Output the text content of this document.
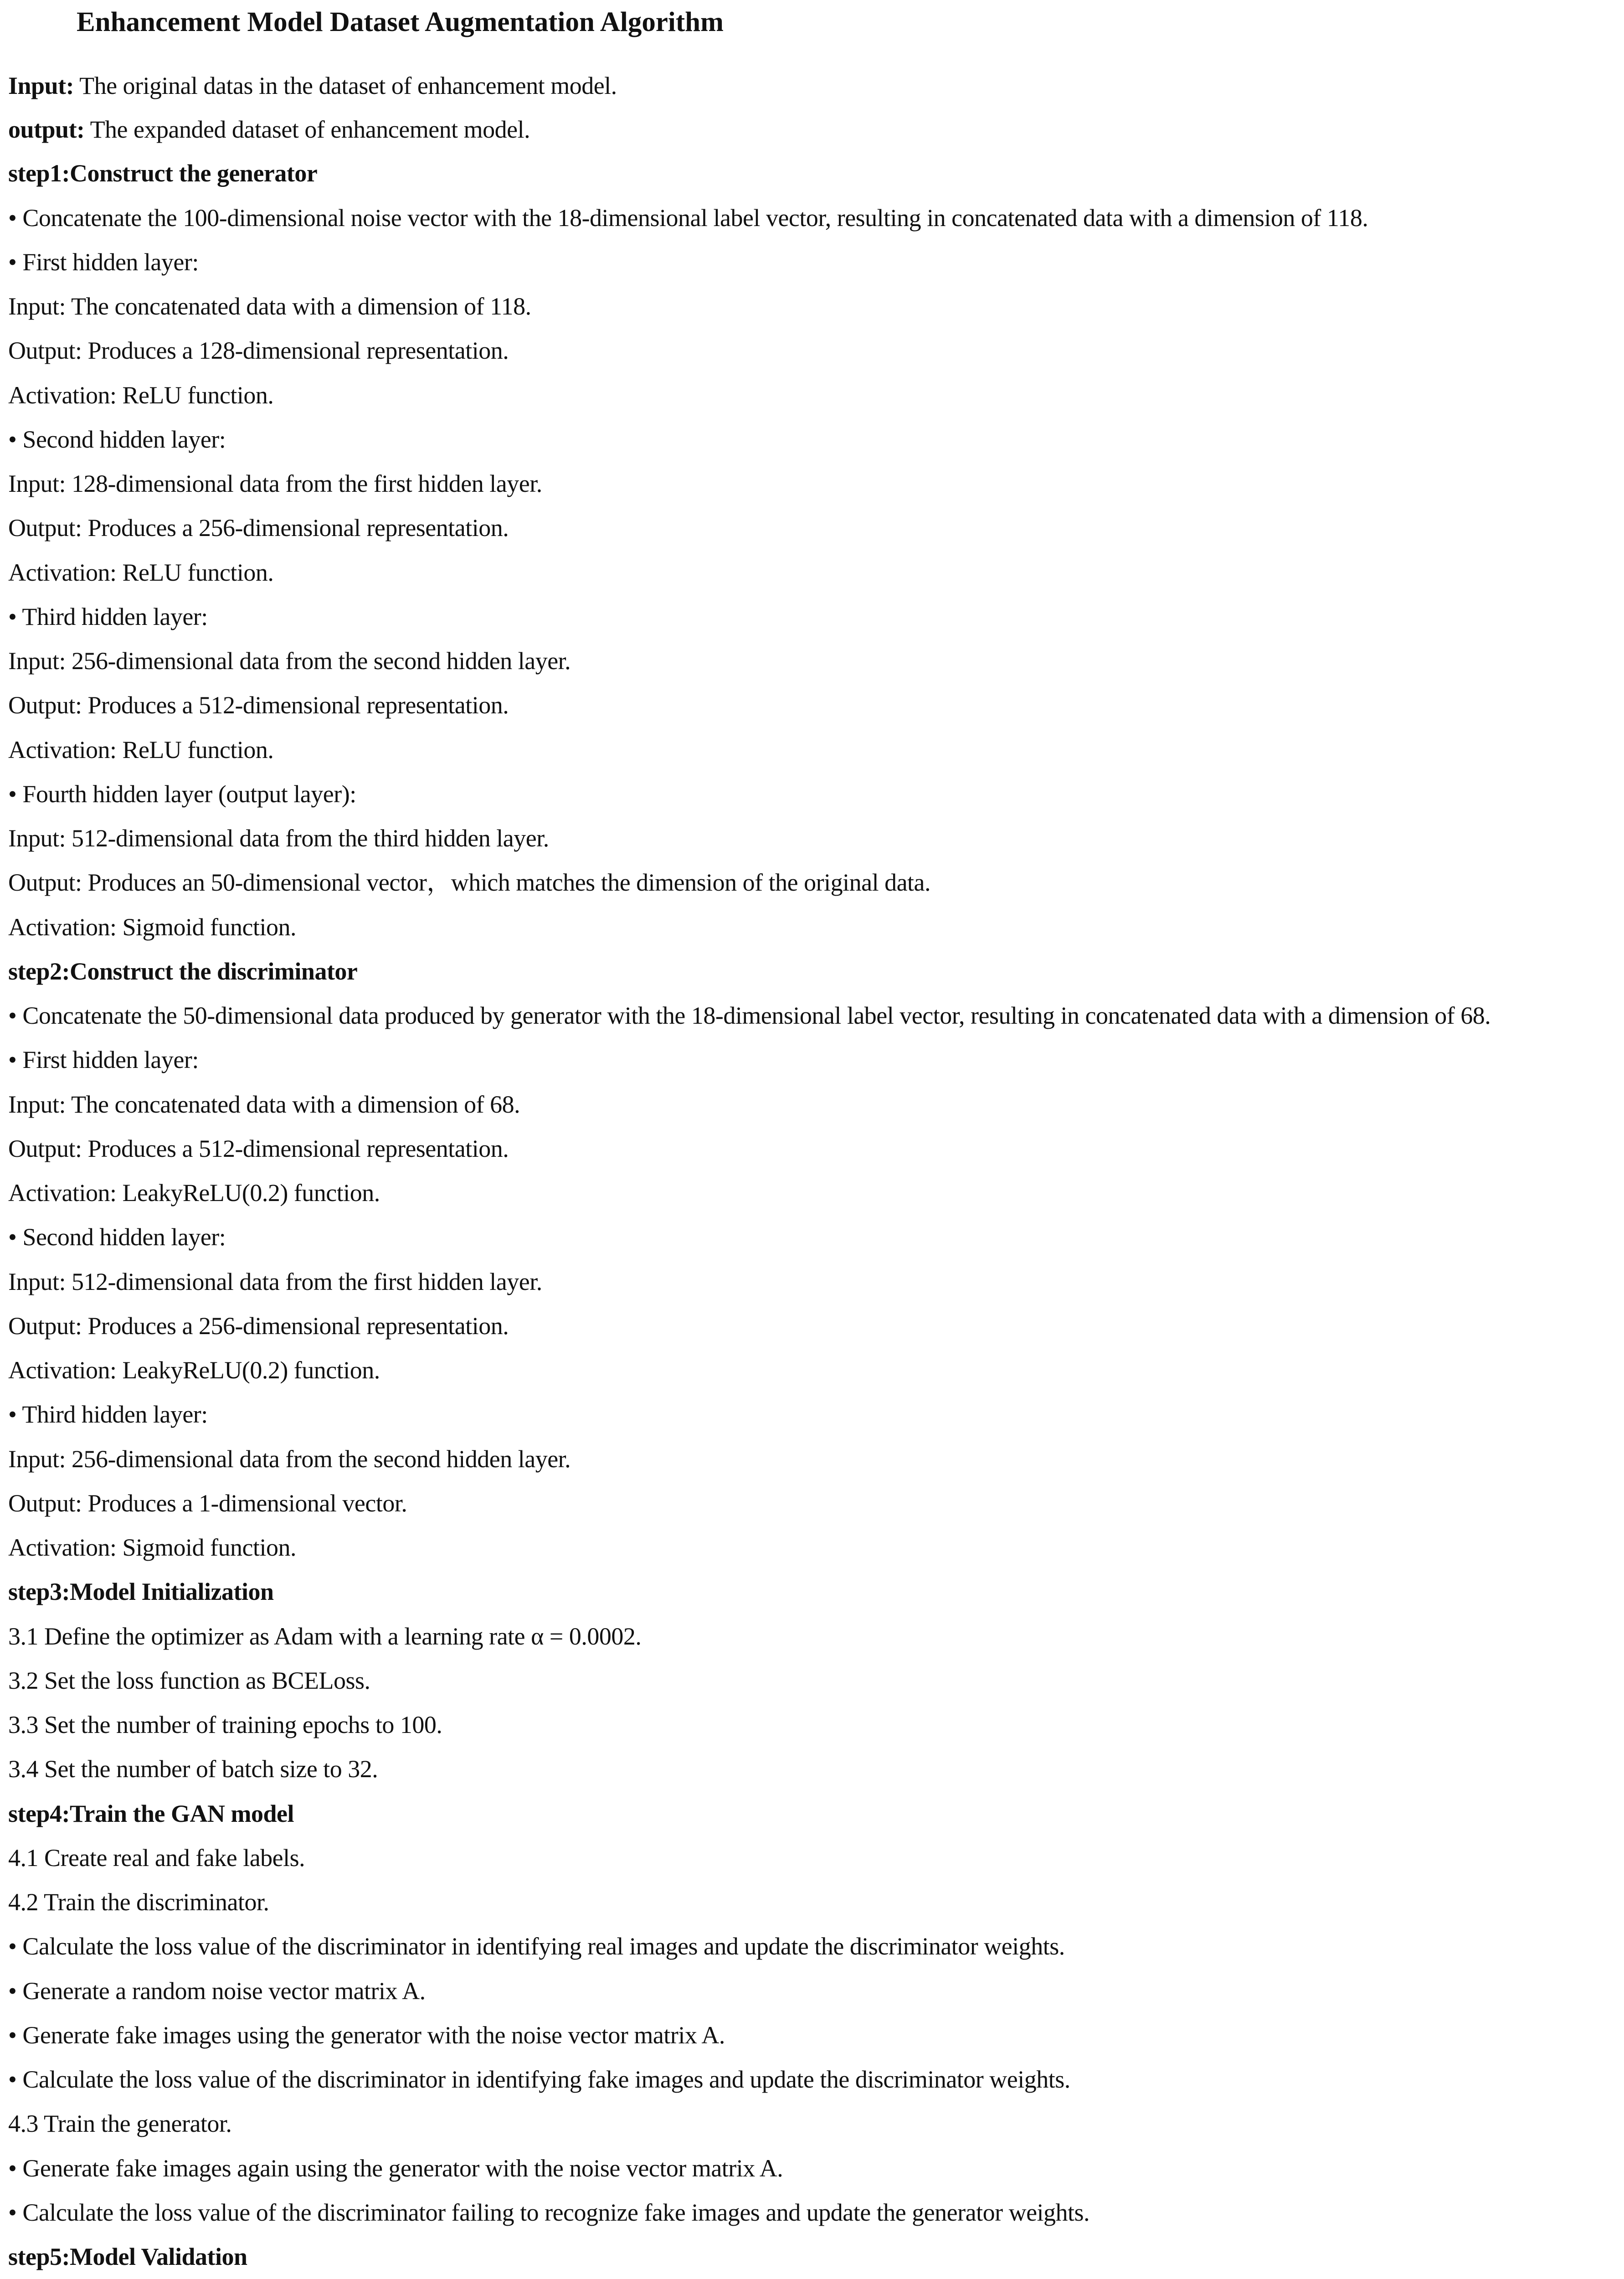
Enhancement Model Dataset Augmentation Algorithm
Input: The original datas in the dataset of enhancement model.
output: The expanded dataset of enhancement model.
step1:Construct the generator
• Concatenate the 100-dimensional noise vector with the 18-dimensional label vector, resulting in concatenated data with a dimension of 118.
• First hidden layer:
Input: The concatenated data with a dimension of 118.
Output: Produces a 128-dimensional representation.
Activation: ReLU function.
• Second hidden layer:
Input: 128-dimensional data from the first hidden layer.
Output: Produces a 256-dimensional representation.
Activation: ReLU function.
• Third hidden layer:
Input: 256-dimensional data from the second hidden layer.
Output: Produces a 512-dimensional representation.
Activation: ReLU function.
• Fourth hidden layer (output layer):
Input: 512-dimensional data from the third hidden layer.
Output: Produces an 50-dimensional vector，which matches the dimension of the original data.
Activation: Sigmoid function.
step2:Construct the discriminator
• Concatenate the 50-dimensional data produced by generator with the 18-dimensional label vector, resulting in concatenated data with a dimension of 68.
• First hidden layer:
Input: The concatenated data with a dimension of 68.
Output: Produces a 512-dimensional representation.
Activation: LeakyReLU(0.2) function.
• Second hidden layer:
Input: 512-dimensional data from the first hidden layer.
Output: Produces a 256-dimensional representation.
Activation: LeakyReLU(0.2) function.
• Third hidden layer:
Input: 256-dimensional data from the second hidden layer.
Output: Produces a 1-dimensional vector.
Activation: Sigmoid function.
step3:Model Initialization
3.1 Define the optimizer as Adam with a learning rate α = 0.0002.
3.2 Set the loss function as BCELoss.
3.3 Set the number of training epochs to 100.
3.4 Set the number of batch size to 32.
step4:Train the GAN model
4.1 Create real and fake labels.
4.2 Train the discriminator.
• Calculate the loss value of the discriminator in identifying real images and update the discriminator weights.
• Generate a random noise vector matrix A.
• Generate fake images using the generator with the noise vector matrix A.
• Calculate the loss value of the discriminator in identifying fake images and update the discriminator weights.
4.3 Train the generator.
• Generate fake images again using the generator with the noise vector matrix A.
• Calculate the loss value of the discriminator failing to recognize fake images and update the generator weights.
step5:Model Validation
